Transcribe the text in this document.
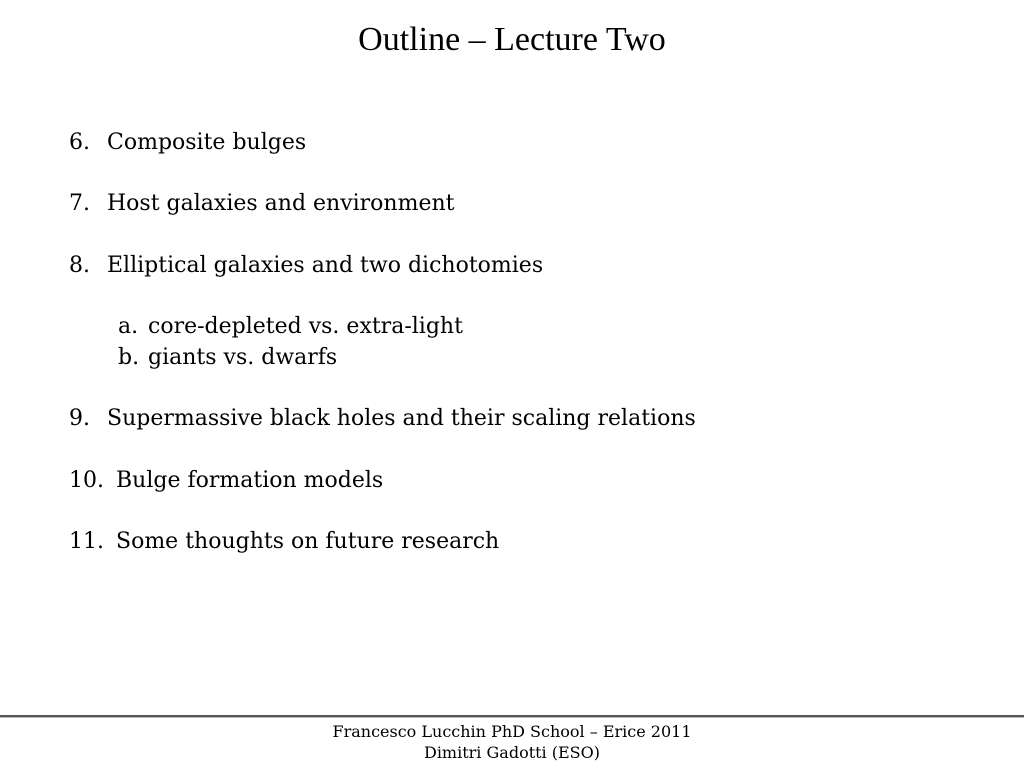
Outline – Lecture Two
6. Composite bulges
7. Host galaxies and environment
8. Elliptical galaxies and two dichotomies
a. core-depleted vs. extra-light
b. giants vs. dwarfs
9. Supermassive black holes and their scaling relations
10. Bulge formation models
11. Some thoughts on future research
Francesco Lucchin PhD School – Erice 2011
Dimitri Gadotti (ESO)
